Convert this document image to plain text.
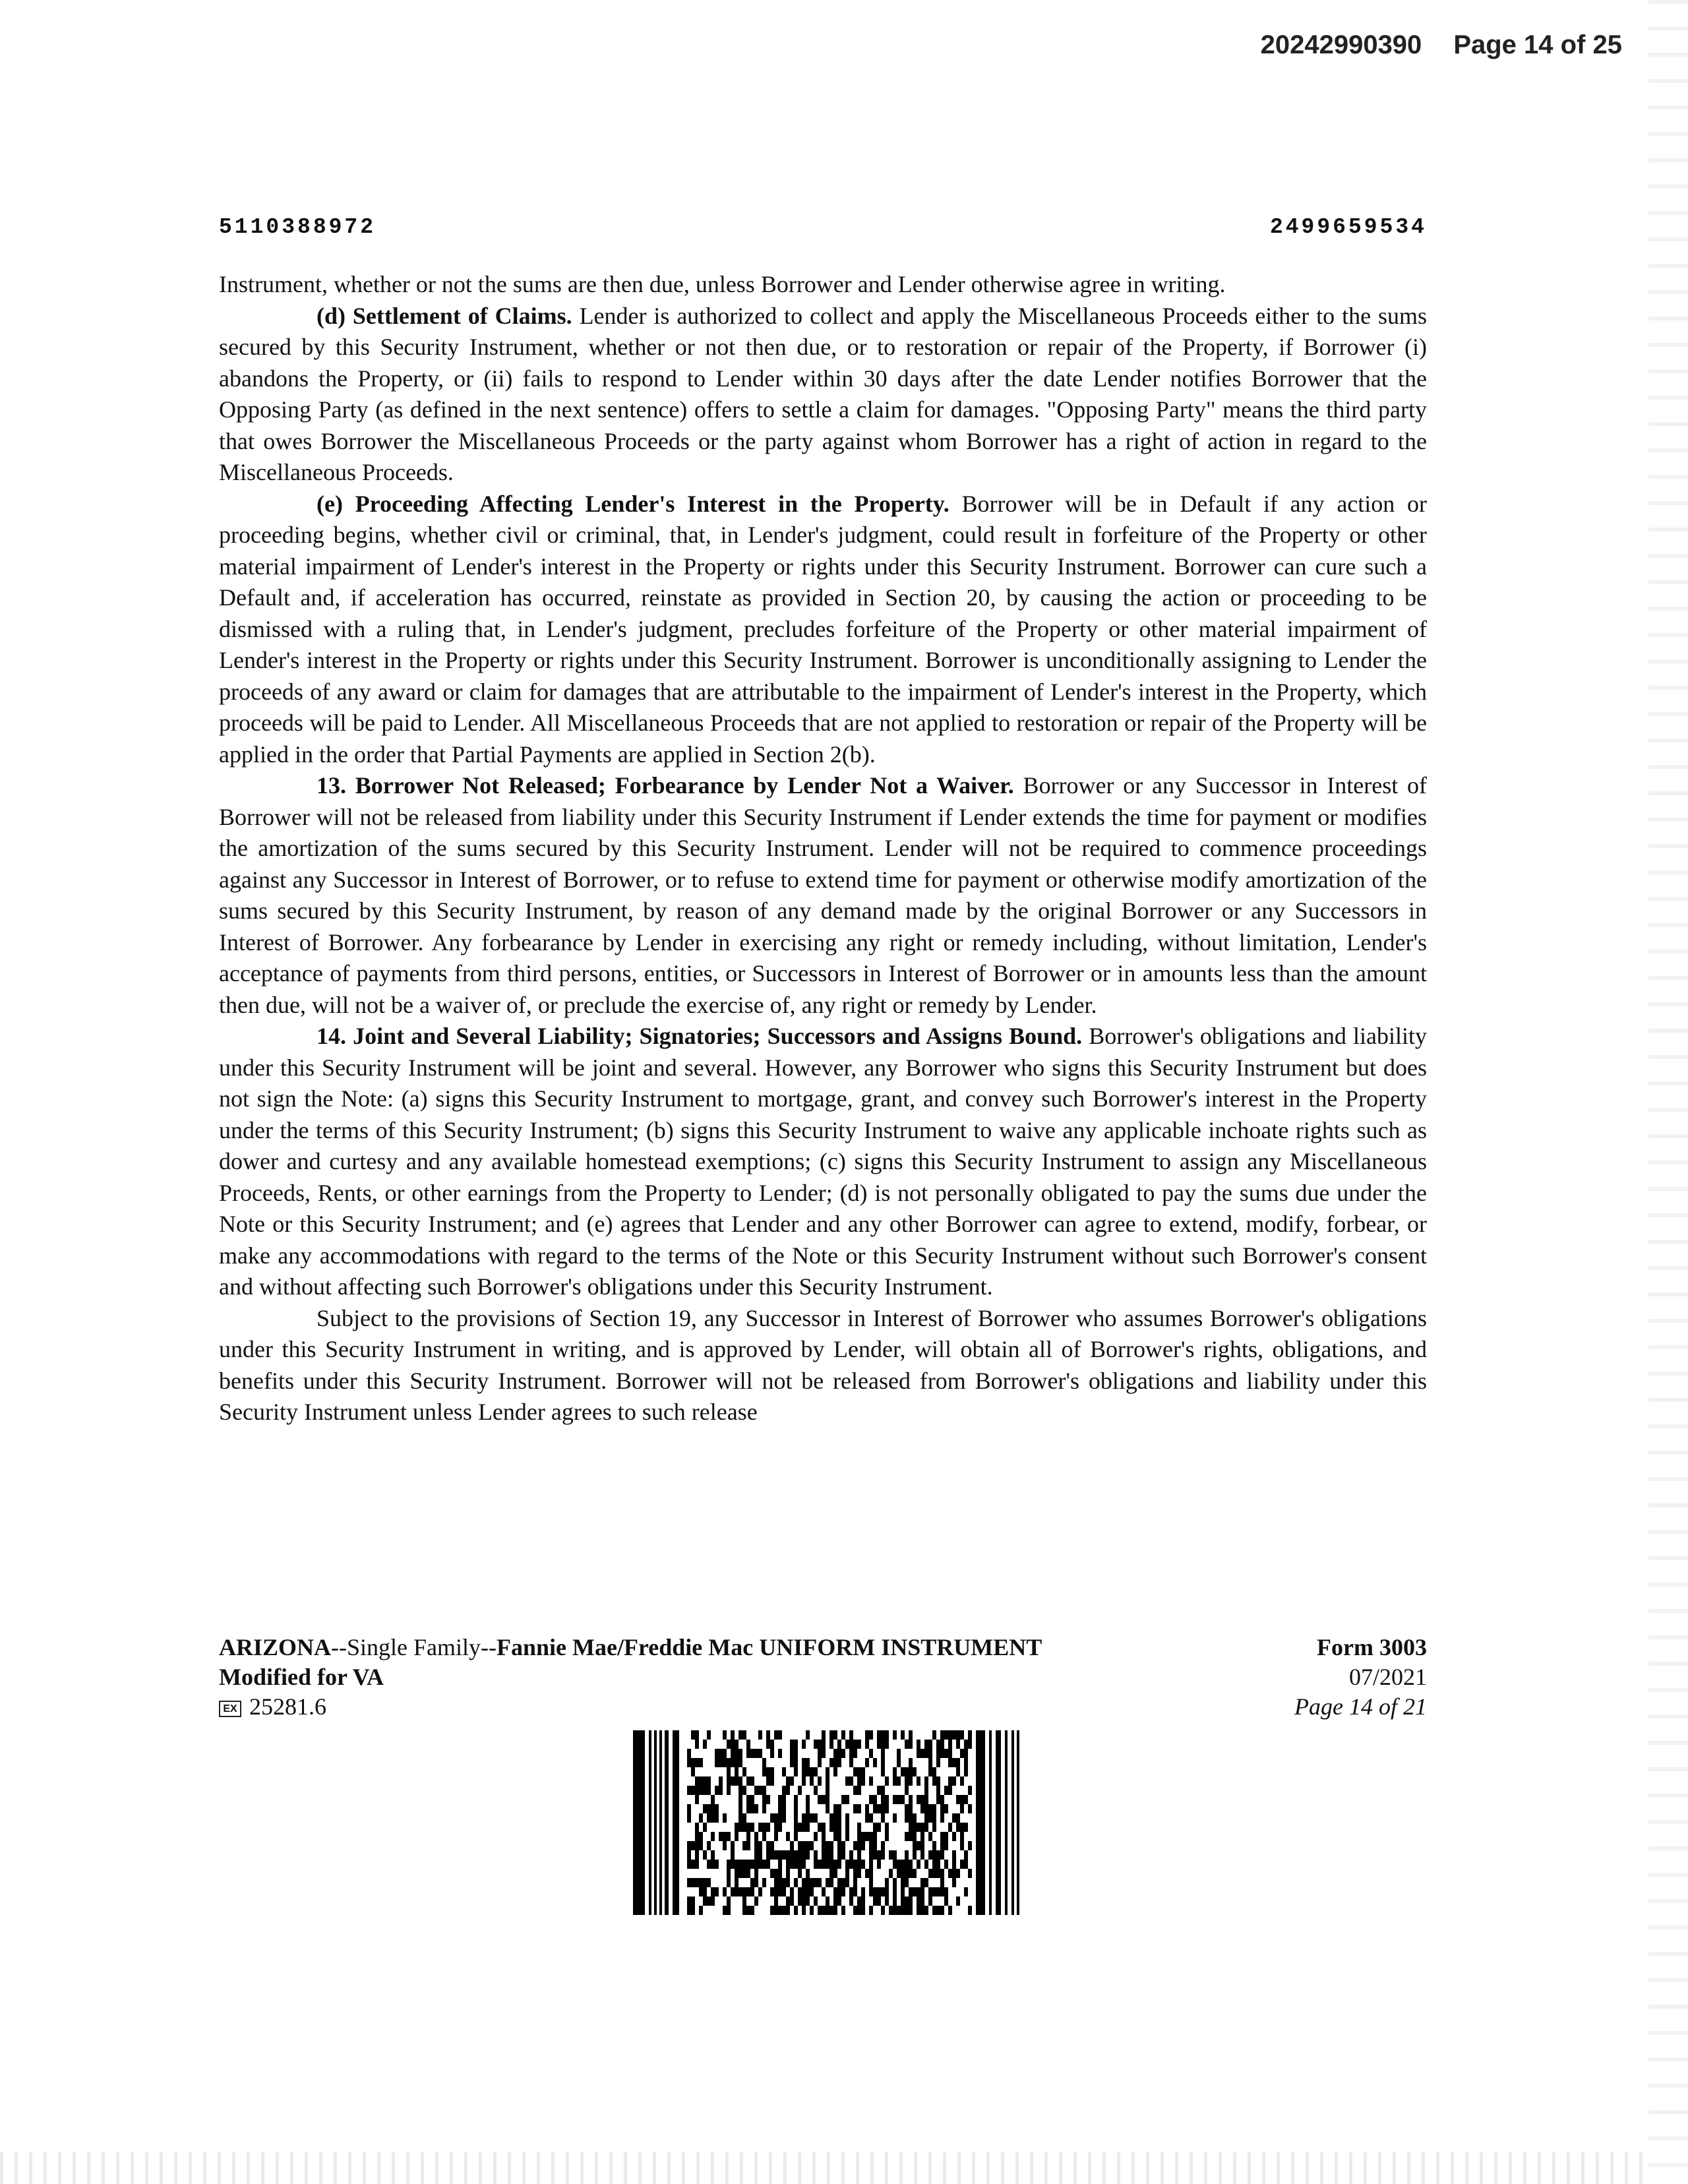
20242990390 Page 14 of 25
5110388972	2499659534

Instrument, whether or not the sums are then due, unless Borrower and Lender otherwise agree in writing.

(d) Settlement of Claims. Lender is authorized to collect and apply the Miscellaneous Proceeds either to the sums secured by this Security Instrument, whether or not then due, or to restoration or repair of the Property, if Borrower (i) abandons the Property, or (ii) fails to respond to Lender within 30 days after the date Lender notifies Borrower that the Opposing Party (as defined in the next sentence) offers to settle a claim for damages. "Opposing Party" means the third party that owes Borrower the Miscellaneous Proceeds or the party against whom Borrower has a right of action in regard to the Miscellaneous Proceeds.

(e) Proceeding Affecting Lender's Interest in the Property. Borrower will be in Default if any action or proceeding begins, whether civil or criminal, that, in Lender's judgment, could result in forfeiture of the Property or other material impairment of Lender's interest in the Property or rights under this Security Instrument. Borrower can cure such a Default and, if acceleration has occurred, reinstate as provided in Section 20, by causing the action or proceeding to be dismissed with a ruling that, in Lender's judgment, precludes forfeiture of the Property or other material impairment of Lender's interest in the Property or rights under this Security Instrument. Borrower is unconditionally assigning to Lender the proceeds of any award or claim for damages that are attributable to the impairment of Lender's interest in the Property, which proceeds will be paid to Lender. All Miscellaneous Proceeds that are not applied to restoration or repair of the Property will be applied in the order that Partial Payments are applied in Section 2(b).

13. Borrower Not Released; Forbearance by Lender Not a Waiver. Borrower or any Successor in Interest of Borrower will not be released from liability under this Security Instrument if Lender extends the time for payment or modifies the amortization of the sums secured by this Security Instrument. Lender will not be required to commence proceedings against any Successor in Interest of Borrower, or to refuse to extend time for payment or otherwise modify amortization of the sums secured by this Security Instrument, by reason of any demand made by the original Borrower or any Successors in Interest of Borrower. Any forbearance by Lender in exercising any right or remedy including, without limitation, Lender's acceptance of payments from third persons, entities, or Successors in Interest of Borrower or in amounts less than the amount then due, will not be a waiver of, or preclude the exercise of, any right or remedy by Lender.

14. Joint and Several Liability; Signatories; Successors and Assigns Bound. Borrower's obligations and liability under this Security Instrument will be joint and several. However, any Borrower who signs this Security Instrument but does not sign the Note: (a) signs this Security Instrument to mortgage, grant, and convey such Borrower's interest in the Property under the terms of this Security Instrument; (b) signs this Security Instrument to waive any applicable inchoate rights such as dower and curtesy and any available homestead exemptions; (c) signs this Security Instrument to assign any Miscellaneous Proceeds, Rents, or other earnings from the Property to Lender; (d) is not personally obligated to pay the sums due under the Note or this Security Instrument; and (e) agrees that Lender and any other Borrower can agree to extend, modify, forbear, or make any accommodations with regard to the terms of the Note or this Security Instrument without such Borrower's consent and without affecting such Borrower's obligations under this Security Instrument.

Subject to the provisions of Section 19, any Successor in Interest of Borrower who assumes Borrower's obligations under this Security Instrument in writing, and is approved by Lender, will obtain all of Borrower's rights, obligations, and benefits under this Security Instrument. Borrower will not be released from Borrower's obligations and liability under this Security Instrument unless Lender agrees to such release

ARIZONA--Single Family--Fannie Mae/Freddie Mac UNIFORM INSTRUMENT
Modified for VA
EX 25281.6
Form 3003
07/2021
Page 14 of 21
